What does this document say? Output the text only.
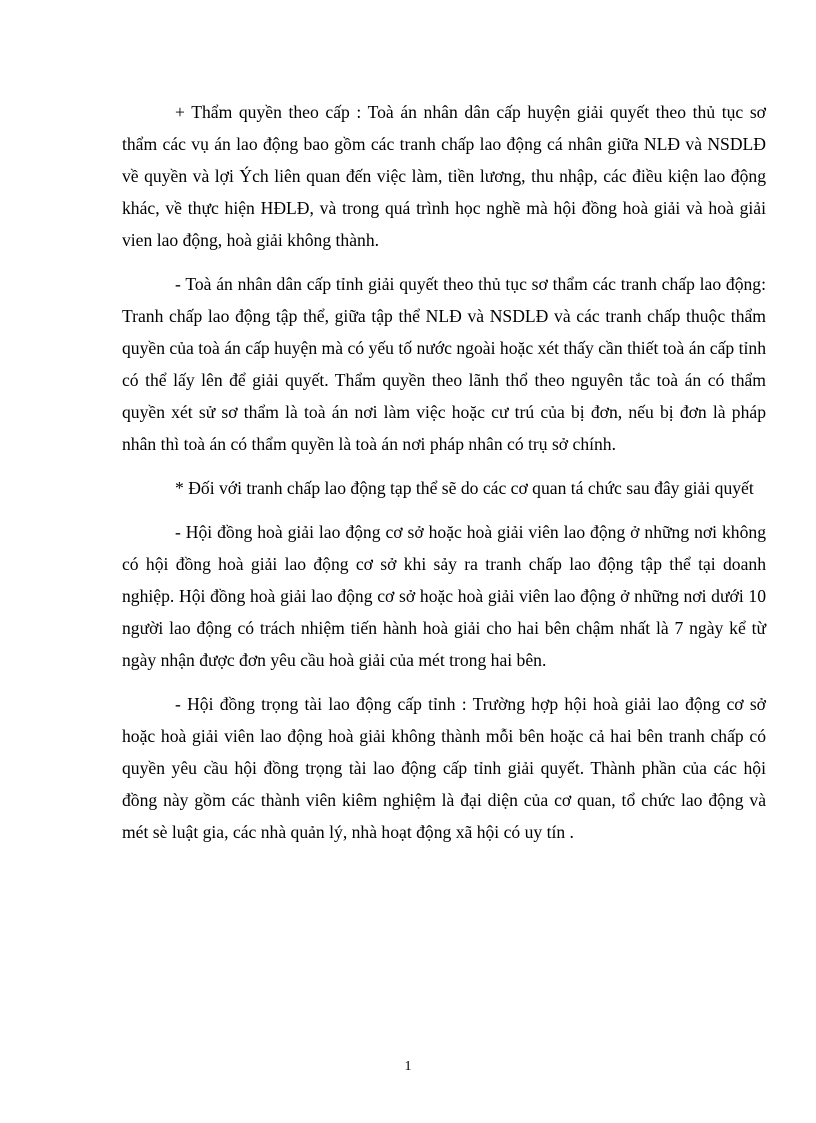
+ Thẩm quyền theo cấp : Toà án nhân dân cấp huyện giải quyết theo thủ tục sơ thẩm các vụ án lao động bao gồm các tranh chấp lao động cá nhân giữa NLĐ và NSDLĐ về quyền và lợi Ých liên quan đến việc làm, tiền lương, thu nhập, các điều kiện lao động khác, về thực hiện HĐLĐ, và trong quá trình học nghề mà hội đồng hoà giải và hoà giải vien lao động, hoà giải không thành.

- Toà án nhân dân cấp tỉnh giải quyết theo thủ tục sơ thẩm các tranh chấp lao động: Tranh chấp lao động tập thể, giữa tập thể NLĐ và NSDLĐ và các tranh chấp thuộc thẩm quyền của toà án cấp huyện mà có yếu tố nước ngoài hoặc xét thấy cần thiết toà án cấp tỉnh có thể lấy lên để giải quyết. Thẩm quyền theo lãnh thổ theo nguyên tắc toà án có thẩm quyền xét sử sơ thẩm là toà án nơi làm việc hoặc cư trú của bị đơn, nếu bị đơn là pháp nhân thì toà án có thẩm quyền là toà án nơi pháp nhân có trụ sở chính.

* Đối với tranh chấp lao động tạp thể sẽ do các cơ quan tá chức sau đây giải quyết

- Hội đồng hoà giải lao động cơ sở hoặc hoà giải viên lao động ở những nơi không có hội đồng hoà giải lao động cơ sở khi sảy ra tranh chấp lao động tập thể tại doanh nghiệp. Hội đồng hoà giải lao động cơ sở hoặc hoà giải viên lao động ở những nơi dưới 10 người lao động có trách nhiệm tiến hành hoà giải cho hai bên chậm nhất là 7 ngày kể từ ngày nhận được đơn yêu cầu hoà giải của mét trong hai bên.

- Hội đồng trọng tài lao động cấp tỉnh : Trường hợp hội hoà giải lao động cơ sở hoặc hoà giải viên lao động hoà giải không thành mỗi bên hoặc cả hai bên tranh chấp có quyền yêu cầu hội đồng trọng tài lao động cấp tỉnh giải quyết. Thành phần của các hội đồng này gồm các thành viên kiêm nghiệm là đại diện của cơ quan, tổ chức lao động và mét sè luật gia, các nhà quản lý, nhà hoạt động xã hội có uy tín .

1
